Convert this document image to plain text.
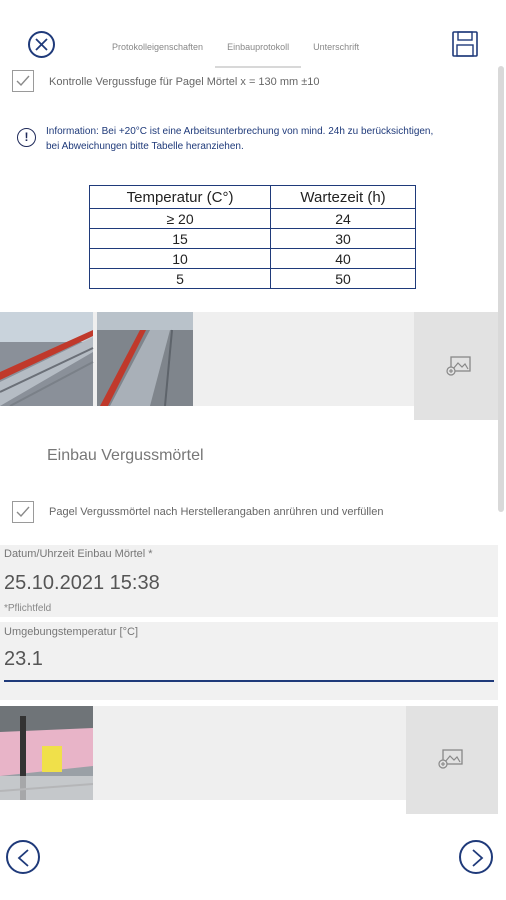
Protokolleigenschaften	Einbauprotokoll	Unterschrift
Kontrolle Vergussfuge für Pagel Mörtel x = 130 mm ±10
!	Information: Bei +20°C ist eine Arbeitsunterbrechung von mind. 24h zu berücksichtigen, bei Abweichungen bitte Tabelle heranziehen.
Temperatur (C°)	Wartezeit (h)
≥ 20	24
15	30
10	40
5	50
Einbau Vergussmörtel
Pagel Vergussmörtel nach Herstellerangaben anrühren und verfüllen
Datum/Uhrzeit Einbau Mörtel *
25.10.2021 15:38
*Pflichtfeld
Umgebungstemperatur [°C]
23.1
